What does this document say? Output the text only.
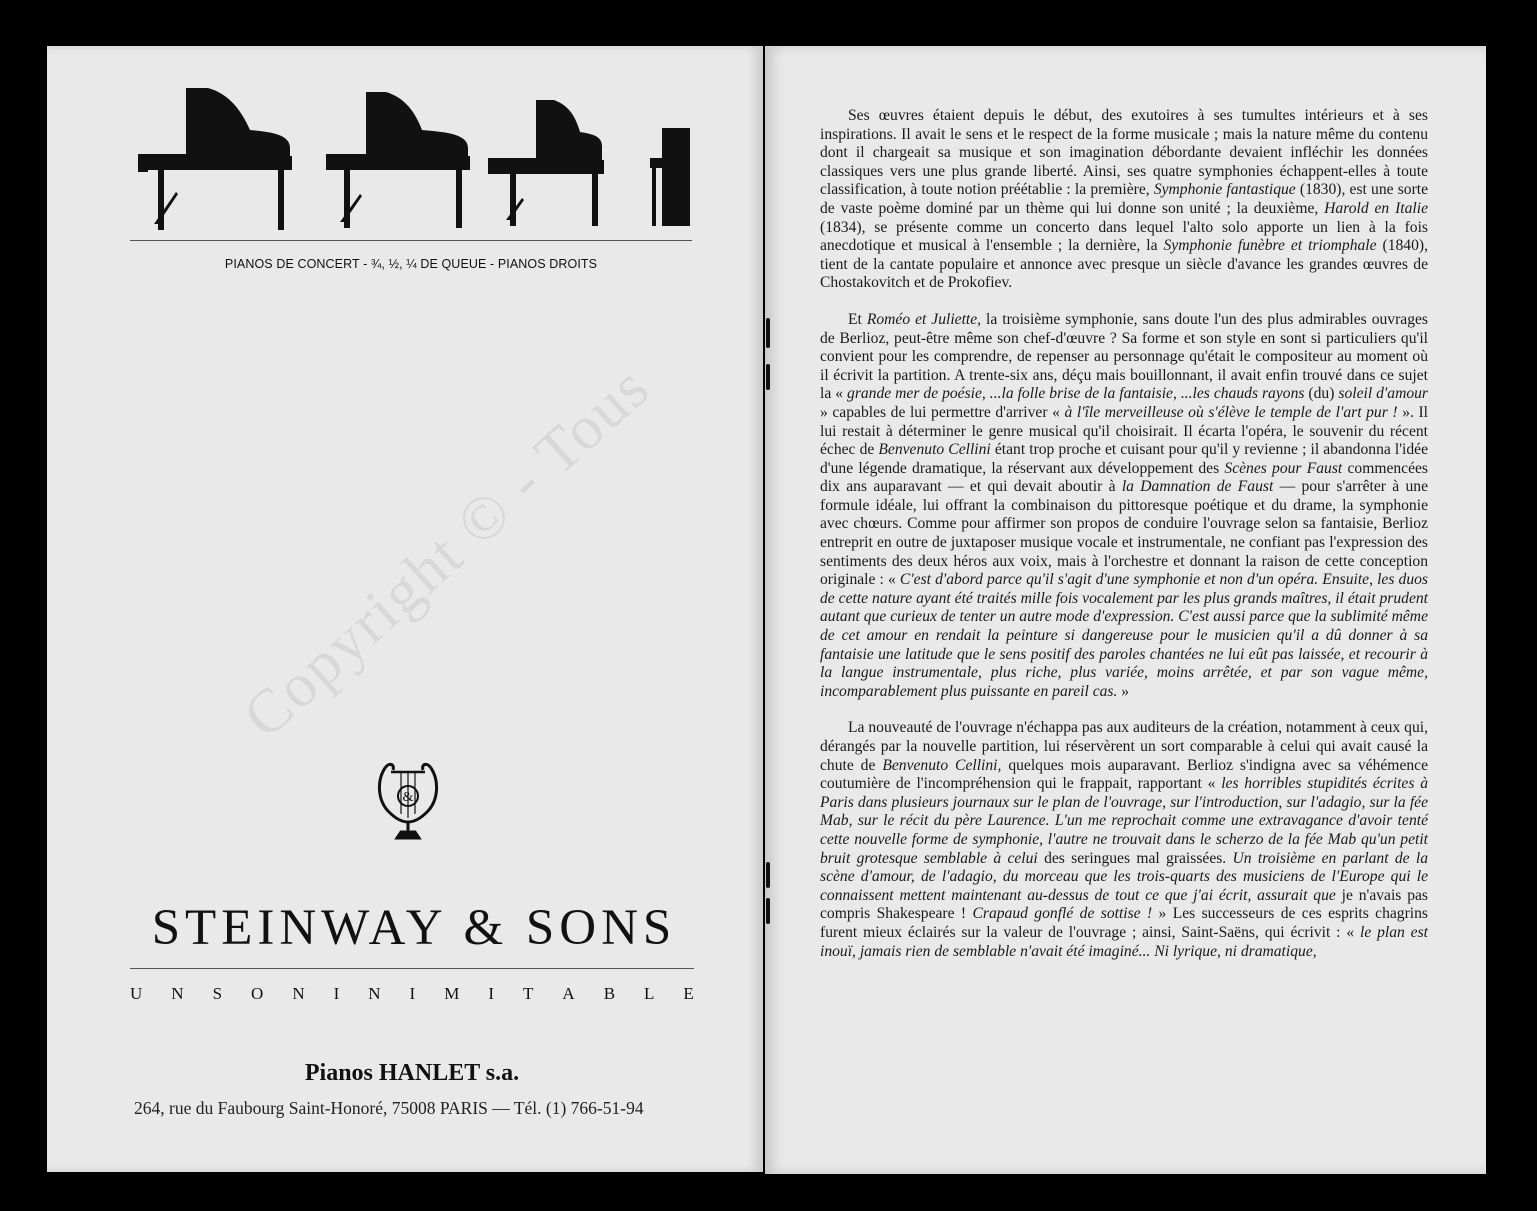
PIANOS DE CONCERT - ¾, ½, ¼ DE QUEUE - PIANOS DROITS
&
Copyright © - Tous
STEINWAY & SONS
U N S O N I N I M I T A B L E
Pianos HANLET s.a.
264, rue du Faubourg Saint-Honoré, 75008 PARIS — Tél. (1) 766-51-94

Ses œuvres étaient depuis le début, des exutoires à ses tumultes intérieurs et à ses inspirations. Il avait le sens et le respect de la forme musicale ; mais la nature même du contenu dont il chargeait sa musique et son imagination débordante devaient infléchir les données classiques vers une plus grande liberté. Ainsi, ses quatre symphonies échappent-elles à toute classification, à toute notion préétablie : la première, Symphonie fantastique (1830), est une sorte de vaste poème dominé par un thème qui lui donne son unité ; la deuxième, Harold en Italie (1834), se présente comme un concerto dans lequel l'alto solo apporte un lien à la fois anecdotique et musical à l'ensemble ; la dernière, la Symphonie funèbre et triomphale (1840), tient de la cantate populaire et annonce avec presque un siècle d'avance les grandes œuvres de Chostakovitch et de Prokofiev.

Et Roméo et Juliette, la troisième symphonie, sans doute l'un des plus admirables ouvrages de Berlioz, peut-être même son chef-d'œuvre ? Sa forme et son style en sont si particuliers qu'il convient pour les comprendre, de repenser au personnage qu'était le compositeur au moment où il écrivit la partition. A trente-six ans, déçu mais bouillonnant, il avait enfin trouvé dans ce sujet la « grande mer de poésie, ...la folle brise de la fantaisie, ...les chauds rayons (du) soleil d'amour » capables de lui permettre d'arriver « à l'île merveilleuse où s'élève le temple de l'art pur ! ». Il lui restait à déterminer le genre musical qu'il choisirait. Il écarta l'opéra, le souvenir du récent échec de Benvenuto Cellini étant trop proche et cuisant pour qu'il y revienne ; il abandonna l'idée d'une légende dramatique, la réservant aux développement des Scènes pour Faust commencées dix ans auparavant — et qui devait aboutir à la Damnation de Faust — pour s'arrêter à une formule idéale, lui offrant la combinaison du pittoresque poétique et du drame, la symphonie avec chœurs. Comme pour affirmer son propos de conduire l'ouvrage selon sa fantaisie, Berlioz entreprit en outre de juxtaposer musique vocale et instrumentale, ne confiant pas l'expression des sentiments des deux héros aux voix, mais à l'orchestre et donnant la raison de cette conception originale : « C'est d'abord parce qu'il s'agit d'une symphonie et non d'un opéra. Ensuite, les duos de cette nature ayant été traités mille fois vocalement par les plus grands maîtres, il était prudent autant que curieux de tenter un autre mode d'expression. C'est aussi parce que la sublimité même de cet amour en rendait la peinture si dangereuse pour le musicien qu'il a dû donner à sa fantaisie une latitude que le sens positif des paroles chantées ne lui eût pas laissée, et recourir à la langue instrumentale, plus riche, plus variée, moins arrêtée, et par son vague même, incomparablement plus puissante en pareil cas. »

La nouveauté de l'ouvrage n'échappa pas aux auditeurs de la création, notamment à ceux qui, dérangés par la nouvelle partition, lui réservèrent un sort comparable à celui qui avait causé la chute de Benvenuto Cellini, quelques mois auparavant. Berlioz s'indigna avec sa véhémence coutumière de l'incompréhension qui le frappait, rapportant « les horribles stupidités écrites à Paris dans plusieurs journaux sur le plan de l'ouvrage, sur l'introduction, sur l'adagio, sur la fée Mab, sur le récit du père Laurence. L'un me reprochait comme une extravagance d'avoir tenté cette nouvelle forme de symphonie, l'autre ne trouvait dans le scherzo de la fée Mab qu'un petit bruit grotesque semblable à celui des seringues mal graissées. Un troisième en parlant de la scène d'amour, de l'adagio, du morceau que les trois-quarts des musiciens de l'Europe qui le connaissent mettent maintenant au-dessus de tout ce que j'ai écrit, assurait que je n'avais pas compris Shakespeare ! Crapaud gonflé de sottise ! » Les successeurs de ces esprits chagrins furent mieux éclairés sur la valeur de l'ouvrage ; ainsi, Saint-Saëns, qui écrivit : « le plan est inouï, jamais rien de semblable n'avait été imaginé... Ni lyrique, ni dramatique,
